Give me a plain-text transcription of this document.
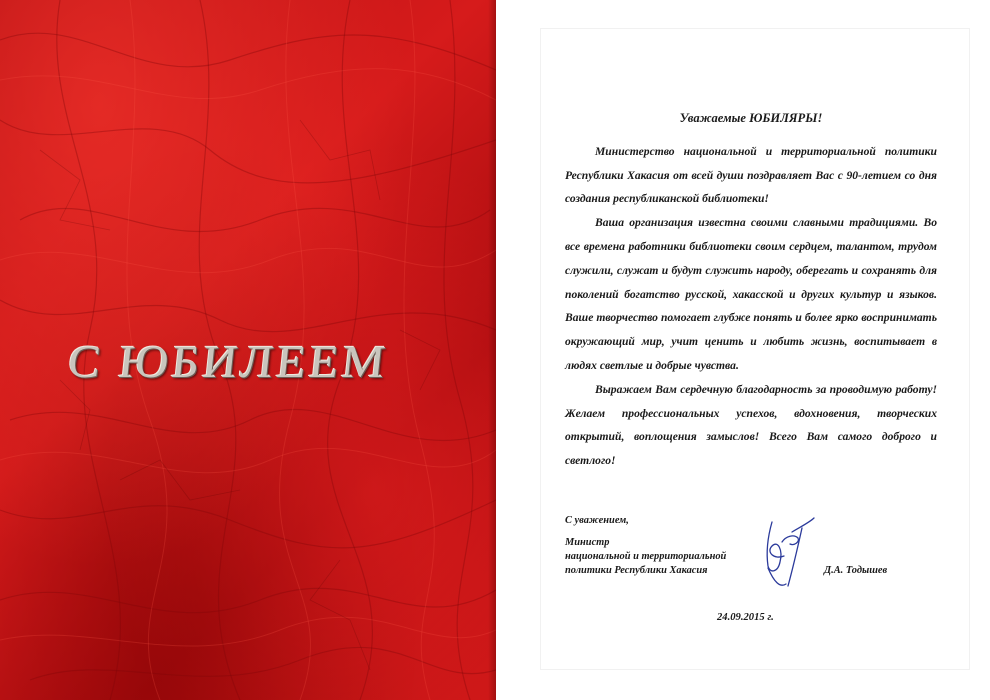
С ЮБИЛЕЕМ

Уважаемые ЮБИЛЯРЫ!

Министерство национальной и территориальной политики Республики Хакасия от всей души поздравляет Вас с 90-летием со дня создания республиканской библиотеки!

Ваша организация известна своими славными традициями. Во все времена работники библиотеки своим сердцем, талантом, трудом служили, служат и будут служить народу, оберегать и сохранять для поколений богатство русской, хакасской и других культур и языков. Ваше творчество помогает глубже понять и более ярко воспринимать окружающий мир, учит ценить и любить жизнь, воспитывает в людях светлые и добрые чувства.

Выражаем Вам сердечную благодарность за проводимую работу! Желаем профессиональных успехов, вдохновения, творческих открытий, воплощения замыслов! Всего Вам самого доброго и светлого!

С уважением,
Министр
национальной и территориальной
политики Республики Хакасия	Д.А. Тодышев
24.09.2015 г.
